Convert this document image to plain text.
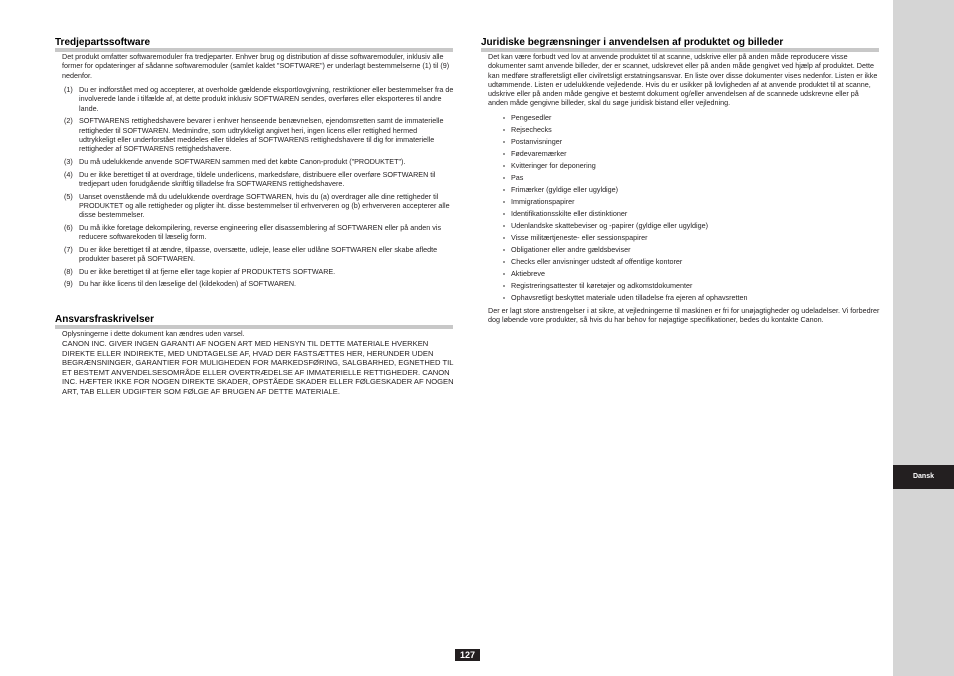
Dansk
Tredjepartssoftware

Det produkt omfatter softwaremoduler fra tredjeparter. Enhver brug og distribution af disse softwaremoduler, inklusiv alle former for opdateringer af sådanne softwaremoduler (samlet kaldet "SOFTWARE") er underlagt bestemmelserne (1) til (9) nedenfor.

(1) Du er indforstået med og accepterer, at overholde gældende eksportlovgivning, restriktioner eller bestemmelser fra de involverede lande i tilfælde af, at dette produkt inklusiv SOFTWAREN sendes, overføres eller eksporteres til andre lande.
(2) SOFTWARENS rettighedshavere bevarer i enhver henseende benævnelsen, ejendomsretten samt de immaterielle rettigheder til SOFTWAREN. Medmindre, som udtrykkeligt angivet heri, ingen licens eller rettighed hermed udtrykkeligt eller underforstået meddeles eller tildeles af SOFTWARENS rettighedshavere til dig for immaterielle rettigheder af SOFTWARENS rettighedshavere.
(3) Du må udelukkende anvende SOFTWAREN sammen med det købte Canon-produkt ("PRODUKTET").
(4) Du er ikke berettiget til at overdrage, tildele underlicens, markedsføre, distribuere eller overføre SOFTWAREN til tredjepart uden forudgående skriftlig tilladelse fra SOFTWARENS rettighedshavere.
(5) Uanset ovenstående må du udelukkende overdrage SOFTWAREN, hvis du (a) overdrager alle dine rettigheder til PRODUKTET og alle rettigheder og pligter iht. disse bestemmelser til erhververen og (b) erhververen accepterer alle disse bestemmelser.
(6) Du må ikke foretage dekompilering, reverse engineering eller disassemblering af SOFTWAREN eller på anden vis reducere softwarekoden til læselig form.
(7) Du er ikke berettiget til at ændre, tilpasse, oversætte, udleje, lease eller udlåne SOFTWAREN eller skabe afledte produkter baseret på SOFTWAREN.
(8) Du er ikke berettiget til at fjerne eller tage kopier af PRODUKTETS SOFTWARE.
(9) Du har ikke licens til den læselige del (kildekoden) af SOFTWAREN.
Ansvarsfraskrivelser

Oplysningerne i dette dokument kan ændres uden varsel.

CANON INC. GIVER INGEN GARANTI AF NOGEN ART MED HENSYN TIL DETTE MATERIALE HVERKEN DIREKTE ELLER INDIREKTE, MED UNDTAGELSE AF, HVAD DER FASTSÆTTES HER, HERUNDER UDEN BEGRÆNSNINGER, GARANTIER FOR MULIGHEDEN FOR MARKEDSFØRING, SALGBARHED, EGNETHED TIL ET BESTEMT ANVENDELSESOMRÅDE ELLER OVERTRÆDELSE AF IMMATERIELLE RETTIGHEDER. CANON INC. HÆFTER IKKE FOR NOGEN DIREKTE SKADER, OPSTÅEDE SKADER ELLER FØLGESKADER AF NOGEN ART, TAB ELLER UDGIFTER SOM FØLGE AF BRUGEN AF DETTE MATERIALE.

Juridiske begrænsninger i anvendelsen af produktet og billeder

Det kan være forbudt ved lov at anvende produktet til at scanne, udskrive eller på anden måde reproducere visse dokumenter samt anvende billeder, der er scannet, udskrevet eller på anden måde gengivet ved hjælp af produktet. Dette kan medføre strafferetsligt eller civilretsligt erstatningsansvar. En liste over disse dokumenter vises nedenfor. Listen er ikke udtømmende. Listen er udelukkende vejledende. Hvis du er usikker på lovligheden af at anvende produktet til at scanne, udskrive eller på anden måde gengive et bestemt dokument og/eller anvendelsen af de scannede udskrevne eller på anden måde gengivne billeder, skal du søge juridisk bistand eller vejledning.

Pengesedler
Rejsechecks
Postanvisninger
Fødevaremærker
Kvitteringer for deponering
Pas
Frimærker (gyldige eller ugyldige)
Immigrationspapirer
Identifikationsskilte eller distinktioner
Udenlandske skattebeviser og -papirer (gyldige eller ugyldige)
Visse militærtjeneste- eller sessionspapirer
Obligationer eller andre gældsbeviser
Checks eller anvisninger udstedt af offentlige kontorer
Aktiebreve
Registreringsattester til køretøjer og adkomstdokumenter
Ophavsretligt beskyttet materiale uden tilladelse fra ejeren af ophavsretten

Der er lagt store anstrengelser i at sikre, at vejledningerne til maskinen er fri for unøjagtigheder og udeladelser. Vi forbedrer dog løbende vore produkter, så hvis du har behov for nøjagtige specifikationer, bedes du kontakte Canon.

127
